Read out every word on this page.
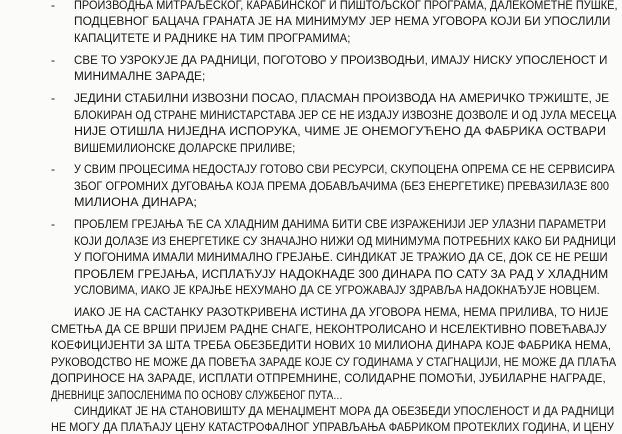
- ПРОИЗВОДЊА МИТРАЉЕСКОГ, КАРАБИНСКОГ И ПИШТОЉСКОГ ПРОГРАМА, ДАЛЕКОМЕТНЕ ПУШКЕ,

ПОДЦЕВНОГ БАЦАЧА ГРАНАТА ЈЕ НА МИНИМУМУ ЈЕР НЕМА УГОВОРА КОЈИ БИ УПОСЛИЛИ

КАПАЦИТЕТЕ И РАДНИКЕ НА ТИМ ПРОГРАМИМА;

- СВЕ ТО УЗРОКУЈЕ ДА РАДНИЦИ, ПОГОТОВО У ПРОИЗВОДЊИ, ИМАЈУ НИСКУ УПОСЛЕНОСТ И

МИНИМАЛНЕ ЗАРАДЕ;

- ЈЕДИНИ СТАБИЛНИ ИЗВОЗНИ ПОСАО, ПЛАСМАН ПРОИЗВОДА НА АМЕРИЧКО ТРЖИШТЕ, ЈЕ

БЛОКИРАН ОД СТРАНЕ МИНИСТАРСТАВА ЈЕР СЕ НЕ ИЗДАЈУ ИЗВОЗНЕ ДОЗВОЛЕ И ОД ЈУЛА МЕСЕЦА

НИЈЕ ОТИШЛА НИЈЕДНА ИСПОРУКА, ЧИМЕ ЈЕ ОНЕМОГУЋЕНО ДА ФАБРИКА ОСТВАРИ

ВИШЕМИЛИОНСКЕ ДОЛАРСКЕ ПРИЛИВЕ;

- У СВИМ ПРОЦЕСИМА НЕДОСТАЈУ ГОТОВО СВИ РЕСУРСИ, СКУПОЦЕНА ОПРЕМА СЕ НЕ СЕРВИСИРА

ЗБОГ ОГРОМНИХ ДУГОВАЊА КОЈА ПРЕМА ДОБАВЉАЧИМА (БЕЗ ЕНЕРГЕТИКЕ) ПРЕВАЗИЛАЗЕ 800

МИЛИОНА ДИНАРА;

- ПРОБЛЕМ ГРЕЈАЊА ЋЕ СА ХЛАДНИМ ДАНИМА БИТИ СВЕ ИЗРАЖЕНИЈИ ЈЕР УЛАЗНИ ПАРАМЕТРИ

КОЈИ ДОЛАЗЕ ИЗ ЕНЕРГЕТИКЕ СУ ЗНАЧАЈНО НИЖИ ОД МИНИМУМА ПОТРЕБНИХ КАКО БИ РАДНИЦИ

У ПОГОНИМА ИМАЛИ МИНИМАЛНО ГРЕЈАЊЕ. СИНДИКАТ ЈЕ ТРАЖИО ДА СЕ, ДОК СЕ НЕ РЕШИ

ПРОБЛЕМ ГРЕЈАЊА, ИСПЛАЋУЈУ НАДОКНАДЕ 300 ДИНАРА ПО САТУ ЗА РАД У ХЛАДНИМ

УСЛОВИМА, ИАКО ЈЕ КРАЈЊЕ НЕХУМАНО ДА СЕ УГРОЖАВАЈУ ЗДРАВЉА НАДОКНАЂУЈЕ НОВЦЕМ.

ИАКО ЈЕ НА САСТАНКУ РАЗОТКРИВЕНА ИСТИНА ДА УГОВОРА НЕМА, НЕМА ПРИЛИВА, ТО НИЈЕ

СМЕТЊА ДА СЕ ВРШИ ПРИЈЕМ РАДНЕ СНАГЕ, НЕКОНТРОЛИСАНО И НСЕЛЕКТИВНО ПОВЕЋАВАЈУ

КОЕФИЦИЈЕНТИ ЗА ШТА ТРЕБА ОБЕЗБЕДИТИ НОВИХ 10 МИЛИОНА ДИНАРА КОЈЕ ФАБРИКА НЕМА,

РУКОВОДСТВО НЕ МОЖЕ ДА ПОВЕЋА ЗАРАДЕ КОЈЕ СУ ГОДИНАМА У СТАГНАЦИЈИ, НЕ МОЖЕ ДА ПЛАЋА

ДОПРИНОСЕ НА ЗАРАДЕ, ИСПЛАТИ ОТПРЕМНИНЕ, СОЛИДАРНЕ ПОМОЋИ, ЈУБИЛАРНЕ НАГРАДЕ,

ДНЕВНИЦЕ ЗАПОСЛЕНИМА ПО ОСНОВУ СЛУЖБЕНОГ ПУТА…

СИНДИКАТ ЈЕ НА СТАНОВИШТУ ДА МЕНАЏМЕНТ МОРА ДА ОБЕЗБЕДИ УПОСЛЕНОСТ И ДА РАДНИЦИ

НЕ МОГУ ДА ПЛАЋАЈУ ЦЕНУ КАТАСТРОФАЛНОГ УПРАВЉАЊА ФАБРИКОМ ПРОТЕКЛИХ ГОДИНА, И ЦЕНУ
